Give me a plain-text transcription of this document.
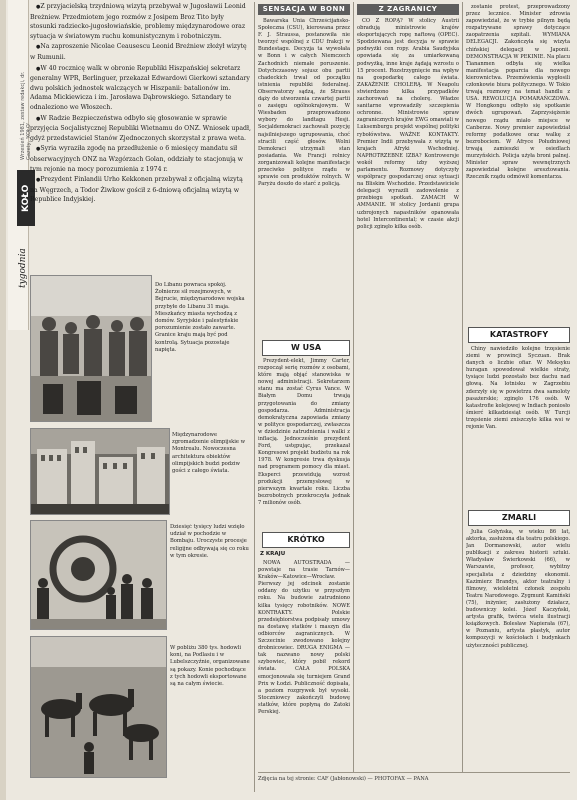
Wrzesień 1981, zestaw redakcji, dr. Gazety, 'KOŁO'
KOŁO
tygodnia

● Z przyjacielską trzydniową wizytą przebywał w Jugosławii Leonid Breżniew. Przedmiotem jego rozmów z Josipem Broz Tito były stosunki radziecko-jugosłowiańskie, problemy międzynarodowe oraz sytuacja w światowym ruchu komunistycznym i robotniczym.

● Na zaproszenie Nicolae Ceausescu Leonid Breżniew złożył wizytę w Rumunii.

● W 40 rocznicę walk w obronie Republiki Hiszpańskiej sekretarz generalny WPR, Berlinguer, przekazał Edwardowi Gierkowi sztandary dwu polskich jednostek walczących w Hiszpanii: batalionów im. Adama Mickiewicza i im. Jarosława Dąbrowskiego. Sztandary te odnaleziono we Włoszech.

● W Radzie Bezpieczeństwa odbyło się głosowanie w sprawie przyjęcia Socjalistycznej Republiki Wietnamu do ONZ. Wniosek upadł, gdyż przedstawiciel Stanów Zjednoczonych skorzystał z prawa weta.

● Syria wyraziła zgodę na przedłużenie o 6 miesięcy mandatu sił obserwacyjnych ONZ na Wzgórzach Golan, oddziały te stacjonują w tym rejonie na mocy porozumienia z 1974 r.

● Prezydent Finlandii Urho Kekkonen przebywał z oficjalną wizytą na Węgrzech, a Todor Żiwkow gościł z 6-dniową oficjalną wizytą w Republice Indyjskiej.

Do Libanu powraca spokój. Żołnierze sił rozejmowych, w Bejrucie, międzynarodowe wojska przybyłe do Libanu 31 maja. Mieszkańcy miasta wychodzą z domów. Syryjskie i palestyńskie porozumienie zostało zawarte. Granice kraju mają być pod kontrolą. Sytuacja pozostaje napięta.
Międzynarodowe zgromadzenie olimpijskie w Montrealu. Nowoczesna architektura obiektów olimpijskich budzi podziw gości z całego świata.
Dziesięć tysięcy ludzi wzięło udział w pochodzie w Bombaju. Uroczyste procesje religijne odbywają się co roku w tym okresie.
W pobliżu 380 tys. hodowli koni, na Podlasiu i w Lubelszczyźnie, organizowane są pokazy. Konie pochodzące z tych hodowli eksportowane są na całym świecie.
SENSACJA W BONN

Bawarska Unia Chrześcijańsko-Społeczna (CSU), kierowana przez F. J. Straussa, postanowiła nie tworzyć wspólnej z CDU frakcji w Bundestagu. Decyzja ta wywołała w Bonn i w całych Niemczech Zachodnich niemałe poruszenie. Dotychczasowy sojusz obu partii chadeckich trwał od początku istnienia republiki federalnej. Obserwatorzy sądzą, że Strauss dąży do utworzenia czwartej partii o zasięgu ogólnokrajowym. W Wiesbaden przeprowadzono wybory do landtagu Hesji. Socjaldemokraci zachowali pozycję najsilniejszego ugrupowania, choć stracili część głosów. Wolni Demokraci utrzymali stan posiadania. We Francji rolnicy zorganizowali kolejne manifestacje przeciwko polityce rządu w sprawie cen produktów rolnych. W Paryżu doszło do starć z policją.

W USA

Prezydent-elekt, Jimmy Carter, rozpoczął serię rozmów z osobami, które mają objąć stanowiska w nowej administracji. Sekretarzem stanu ma zostać Cyrus Vance. W Białym Domu trwają przygotowania do zmiany gospodarza. Administracja demokratyczna zapowiada zmiany w polityce gospodarczej, zwłaszcza w dziedzinie zatrudnienia i walki z inflacją. Jednocześnie prezydent Ford, ustępując, przekazał Kongresowi projekt budżetu na rok 1978. W kongresie trwa dyskusja nad programem pomocy dla miast. Eksperci przewidują wzrost produkcji przemysłowej w pierwszym kwartale roku. Liczba bezrobotnych przekroczyła jednak 7 milionów osób.

KRÓTKO
Z KRAJU

NOWA AUTOSTRADA — powstaje na trasie Tarnów—Kraków—Katowice—Wrocław. Pierwszy jej odcinek zostanie oddany do użytku w przyszłym roku. Na budowie zatrudniono kilka tysięcy robotników. NOWE KONTRAKTY. Polskie przedsiębiorstwa podpisały umowy na dostawę statków i maszyn dla odbiorców zagranicznych. W Szczecinie zwodowano kolejny drobnicowiec. DRUGA ENIGMA — tak nazwano nowy polski szybowiec, który pobił rekord świata. CAŁA POLSKA emocjonowała się turniejem Grand Prix w Łodzi. Publiczność dopisała, a poziom rozgrywek był wysoki. Stoczniowcy zakończyli budowę statków, które popłyną do Zatoki Perskiej.

Z ZAGRANICY

CO Z ROPĄ? W stolicy Austrii obradują ministrowie krajów eksportujących ropę naftową (OPEC). Spodziewana jest decyzja w sprawie podwyżki cen ropy. Arabia Saudyjska opowiada się za umiarkowaną podwyżką, inne kraje żądają wzrostu o 15 procent. Rozstrzygnięcie ma wpływ na gospodarkę całego świata. ZAKAŻENIE CHOLERĄ. W Neapolu stwierdzono kilka przypadków zachorowań na cholerę. Władze sanitarne wprowadziły szczepienia ochronne. Ministrowie spraw zagranicznych krajów EWG omawiali w Luksemburgu projekt wspólnej polityki rybołówstwa. WAŻNE KONTAKTY. Premier Indii przebywała z wizytą w krajach Afryki Wschodniej. NAPROTRZEBNE IZBA? Kontrowersje wokół reformy izby wyższej parlamentu. Rozmowy dotyczyły współpracy gospodarczej oraz sytuacji na Bliskim Wschodzie. Przedstawiciele delegacji wyrazili zadowolenie z przebiegu spotkań. ZAMACH W AMMANIE. W stolicy Jordanii grupa uzbrojonych napastników opanowała hotel Intercontinental; w czasie akcji policji zginęło kilka osób.

zostanie protest, przeprowadzony przez lecznice. Minister zdrowia zapowiedział, że w trybie pilnym będą rozpatrywane sprawy dotyczące zaopatrzenia szpitali. WYMIANA DELEGACJI. Zakończyła się wizyta chińskiej delegacji w Japonii. DEMONSTRACJA W PEKINIE. Na placu Tiananmen odbyła się wielka manifestacja poparcia dla nowego kierownictwa. Przemówienia wygłosili członkowie biura politycznego. W Tokio trwają rozmowy na temat handlu z USA. REWOLUCJA POMARAŃCZOWA. W Hongkongu odbyło się spotkanie dwóch ugrupowań. Zaprzysiężenie nowego rządu miało miejsce w Canberze. Nowy premier zapowiedział reformy podatkowe oraz walkę z bezrobociem. W Afryce Południowej trwają zamieszki w osiedlach murzyńskich. Policja użyła broni palnej. Minister spraw wewnętrznych zapowiedział kolejne aresztowania. Rzecznik rządu odmówił komentarza.

KATASTROFY

Chiny nawiedziło kolejne trzęsienie ziemi w prowincji Syczuan. Brak danych o liczbie ofiar. W Meksyku huragan spowodował wielkie straty, tysiące ludzi pozostało bez dachu nad głową. Na lotnisku w Zagrzebiu zderzyły się w powietrzu dwa samoloty pasażerskie; zginęło 176 osób. W katastrofie kolejowej w Indiach poniosło śmierć kilkadziesiąt osób. W Turcji trzęsienie ziemi zniszczyło kilka wsi w rejonie Van.

ZMARLI

Julia Gołyńska, w wieku 86 lat, aktorka, zasłużona dla teatru polskiego. Jan Dormanowski, autor wielu publikacji z zakresu historii sztuki. Władysław Świerkowski (66), w Warszawie, profesor, wybitny specjalista z dziedziny ekonomii. Kazimierz Brandys, aktor teatralny i filmowy, wieloletni członek zespołu Teatru Narodowego. Zygmunt Kamiński (75), inżynier, zasłużony działacz, budowniczy kolei. Józef Kaczyński, artysta grafik, twórca wielu ilustracji książkowych. Bolesław Napierała (67), w Poznaniu, artysta plastyk, autor kompozycji w kościołach i budynkach użyteczności publicznej.

Zdjęcia na tej stronie: CAF (Jabłonowski) — PHOTOFAX — PANA
